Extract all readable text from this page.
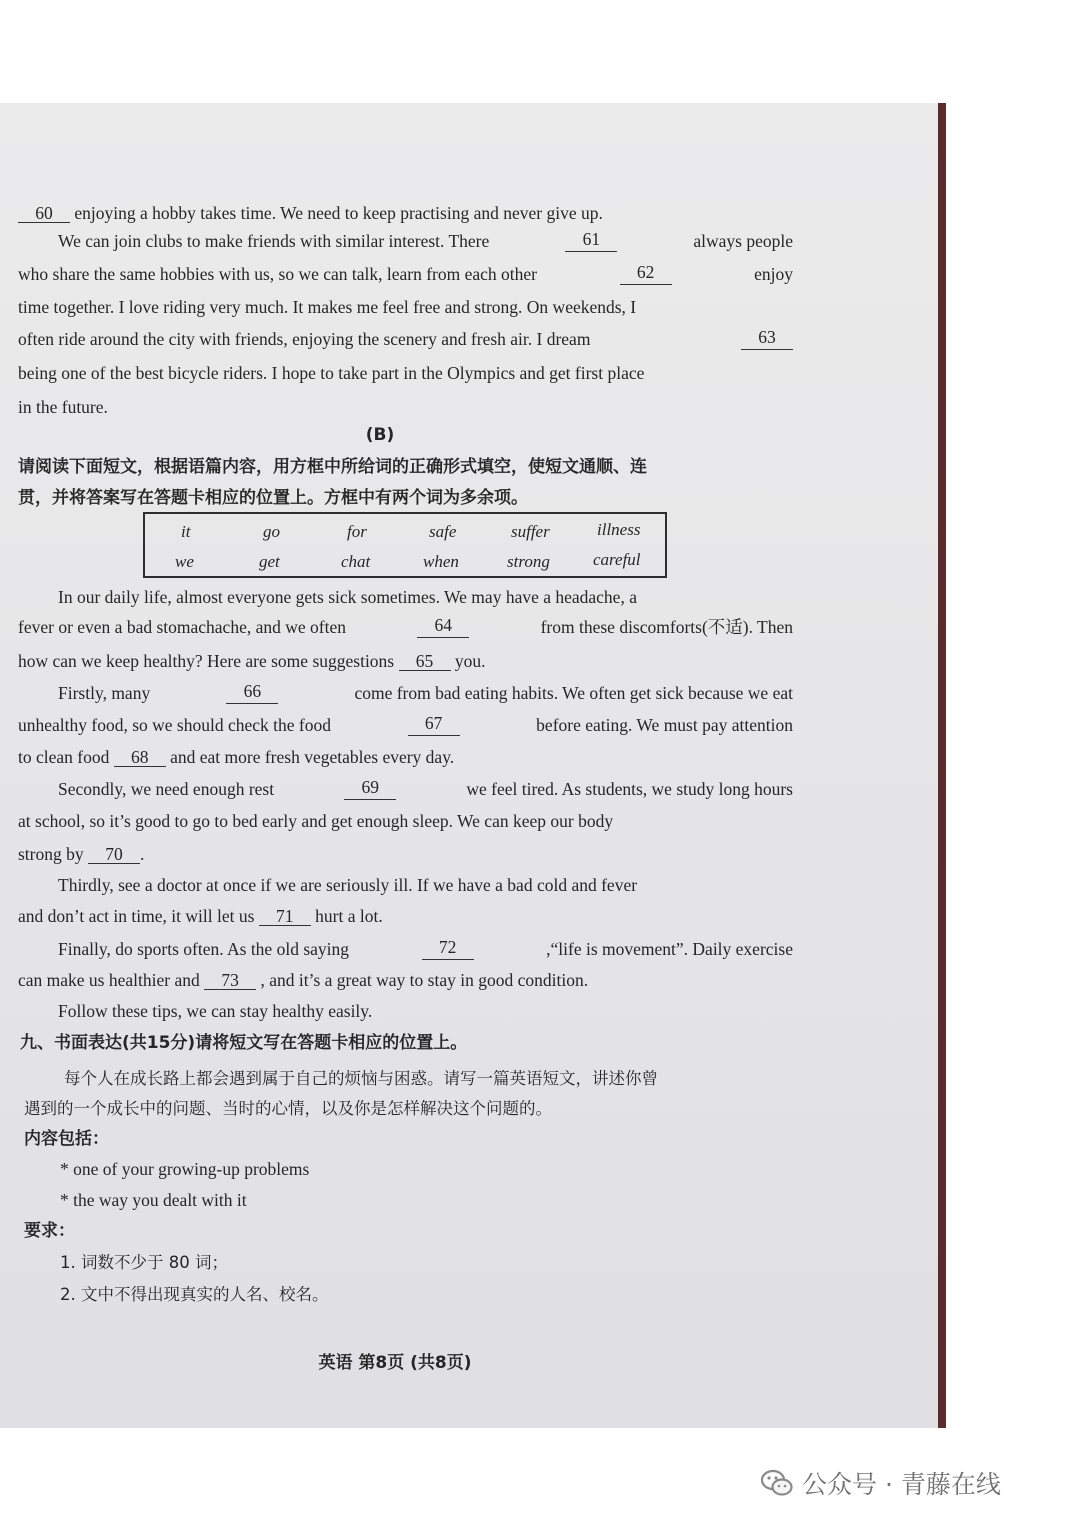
60 enjoying a hobby takes time. We need to keep practising and never give up.

We can join clubs to make friends with similar interest. There	61	always people

who share the same hobbies with us, so we can talk, learn from each other	62	enjoy

time together. I love riding very much. It makes me feel free and strong. On weekends, I

often ride around the city with friends, enjoying the scenery and fresh air. I dream	63

being one of the best bicycle riders. I hope to take part in the Olympics and get first place

in the future.

(B)

请阅读下面短文，根据语篇内容，用方框中所给词的正确形式填空，使短文通顺、连

贯，并将答案写在答题卡相应的位置上。方框中有两个词为多余项。

it	go	for	safe	suffer	illness
we	get	chat	when	strong	careful

In our daily life, almost everyone gets sick sometimes. We may have a headache, a

fever or even a bad stomachache, and we often	64	from these discomforts(不适). Then

how can we keep healthy? Here are some suggestions 65 you.

Firstly, many	66	come from bad eating habits. We often get sick because we eat

unhealthy food, so we should check the food	67	before eating. We must pay attention

to clean food 68 and eat more fresh vegetables every day.

Secondly, we need enough rest	69	we feel tired. As students, we study long hours

at school, so it’s good to go to bed early and get enough sleep. We can keep our body

strong by 70 .

Thirdly, see a doctor at once if we are seriously ill. If we have a bad cold and fever

and don’t act in time, it will let us 71 hurt a lot.

Finally, do sports often. As the old saying	72	,“life is movement”. Daily exercise

can make us healthier and 73 , and it’s a great way to stay in good condition.

Follow these tips, we can stay healthy easily.

九、书面表达(共15分)请将短文写在答题卡相应的位置上。

每个人在成长路上都会遇到属于自己的烦恼与困惑。请写一篇英语短文，讲述你曾

遇到的一个成长中的问题、当时的心情，以及你是怎样解决这个问题的。

内容包括：

* one of your growing-up problems

* the way you dealt with it

要求：

1. 词数不少于 80 词；

2. 文中不得出现真实的人名、校名。

英语 第8页 (共8页)
公众号 · 青藤在线
